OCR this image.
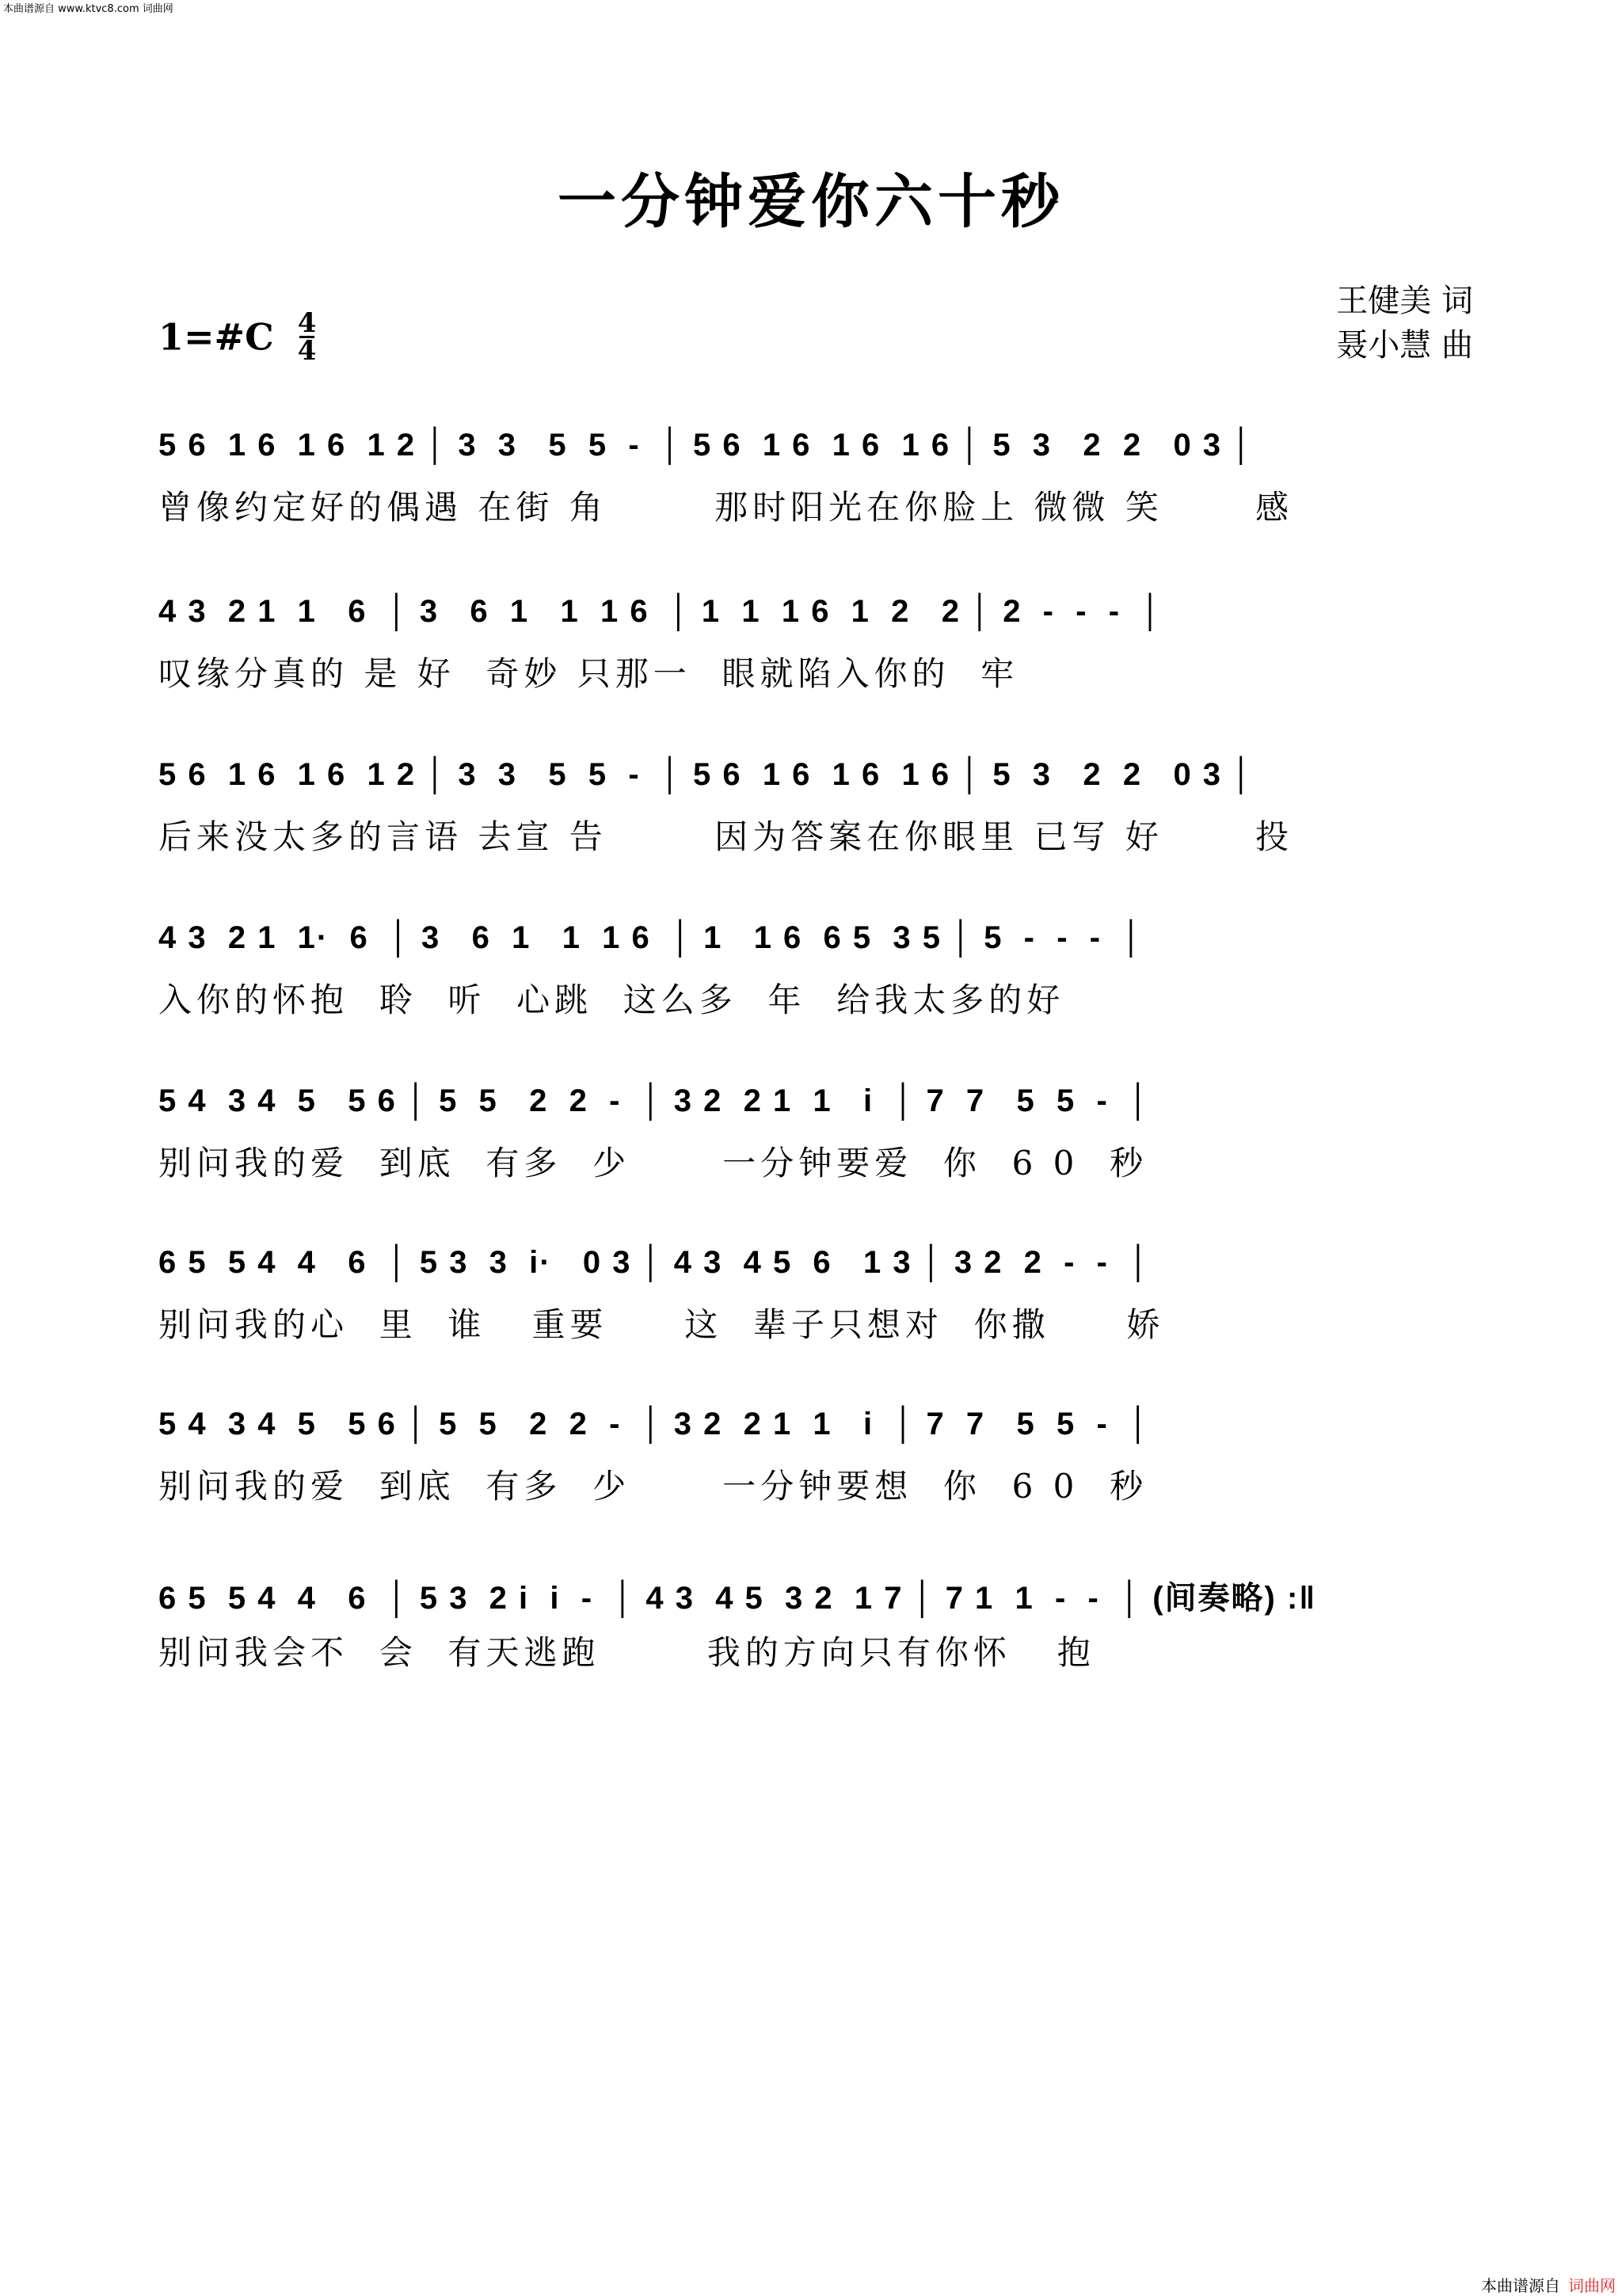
本曲谱源自 www.ktvc8.com 词曲网
一分钟爱你六十秒
王健美 词
聂小慧 曲
1=#C $\frac{4}{4}$
5 6  1 6  1 6  1 2 │ 3  3   5  5  -  │ 5 6  1 6  1 6  1 6 │ 5  3   2  2   0 3 │
曾像约定好的偶遇 在街 角       那时阳光在你脸上 微微 笑      感
4 3  2 1  1   6  │ 3   6  1   1  1 6  │ 1  1  1 6  1  2   2 │ 2  -  -  -  │
叹缘分真的 是 好  奇妙 只那一  眼就陷入你的  牢
5 6  1 6  1 6  1 2 │ 3  3   5  5  -  │ 5 6  1 6  1 6  1 6 │ 5  3   2  2   0 3 │
后来没太多的言语 去宣 告       因为答案在你眼里 已写 好      投
4 3  2 1  1·  6  │ 3   6  1   1  1 6  │ 1   1 6  6 5  3 5 │ 5  -  -  -  │
入你的怀抱  聆  听  心跳  这么多  年  给我太多的好
5 4  3 4  5   5 6 │ 5  5   2  2  -  │ 3 2  2 1  1   i  │ 7  7   5  5  -  │
别问我的爱  到底  有多  少      一分钟要爱  你  6 0  秒
6 5  5 4  4   6  │ 5 3  3  i·   0 3 │ 4 3  4 5  6   1 3 │ 3 2  2  -  -  │
别问我的心  里  谁   重要     这  辈子只想对  你撒     娇
5 4  3 4  5   5 6 │ 5  5   2  2  -  │ 3 2  2 1  1   i  │ 7  7   5  5  -  │
别问我的爱  到底  有多  少      一分钟要想  你  6 0  秒
6 5  5 4  4   6  │ 5 3  2 i  i  -  │ 4 3  4 5  3 2  1 7 │ 7 1  1  -  -  │ (间奏略) :‖
别问我会不  会  有天逃跑       我的方向只有你怀   抱
本曲谱源自 词曲网
